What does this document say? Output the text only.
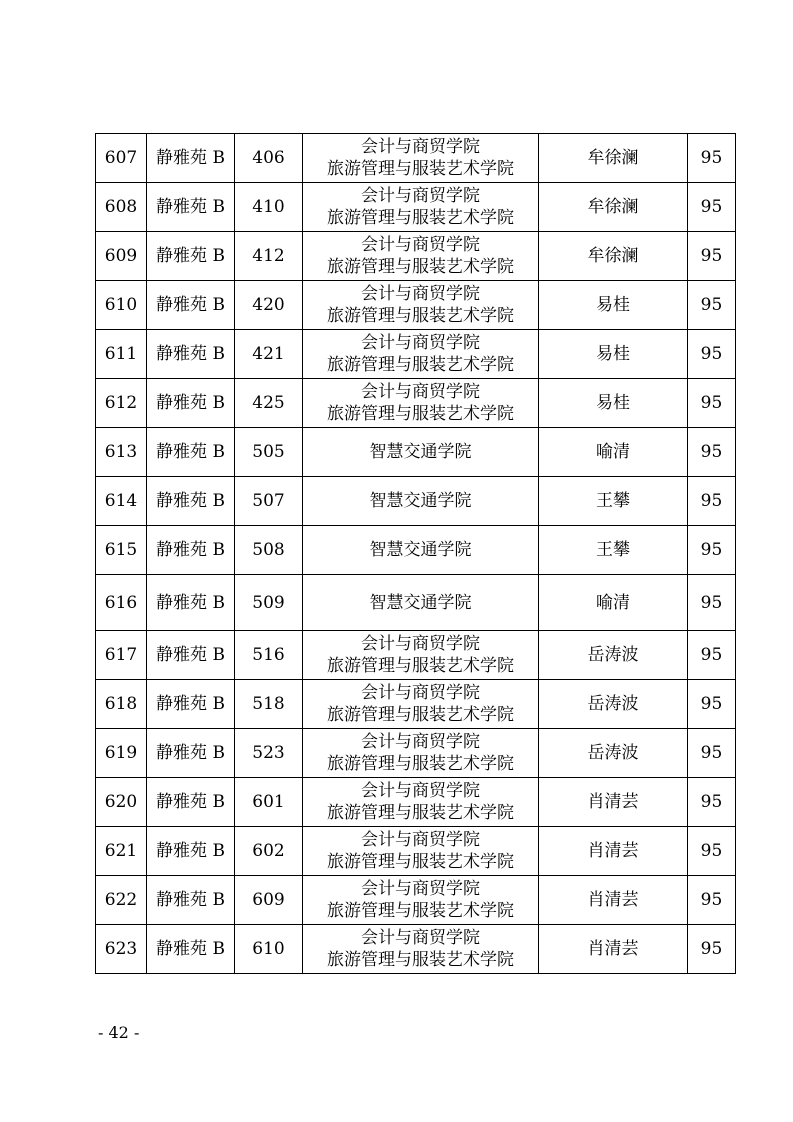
607	静雅苑 B	406	会计与商贸学院
旅游管理与服装艺术学院	牟徐澜	95
608	静雅苑 B	410	会计与商贸学院
旅游管理与服装艺术学院	牟徐澜	95
609	静雅苑 B	412	会计与商贸学院
旅游管理与服装艺术学院	牟徐澜	95
610	静雅苑 B	420	会计与商贸学院
旅游管理与服装艺术学院	易桂	95
611	静雅苑 B	421	会计与商贸学院
旅游管理与服装艺术学院	易桂	95
612	静雅苑 B	425	会计与商贸学院
旅游管理与服装艺术学院	易桂	95
613	静雅苑 B	505	智慧交通学院	喻清	95
614	静雅苑 B	507	智慧交通学院	王攀	95
615	静雅苑 B	508	智慧交通学院	王攀	95
616	静雅苑 B	509	智慧交通学院	喻清	95
617	静雅苑 B	516	会计与商贸学院
旅游管理与服装艺术学院	岳涛波	95
618	静雅苑 B	518	会计与商贸学院
旅游管理与服装艺术学院	岳涛波	95
619	静雅苑 B	523	会计与商贸学院
旅游管理与服装艺术学院	岳涛波	95
620	静雅苑 B	601	会计与商贸学院
旅游管理与服装艺术学院	肖清芸	95
621	静雅苑 B	602	会计与商贸学院
旅游管理与服装艺术学院	肖清芸	95
622	静雅苑 B	609	会计与商贸学院
旅游管理与服装艺术学院	肖清芸	95
623	静雅苑 B	610	会计与商贸学院
旅游管理与服装艺术学院	肖清芸	95
- 42 -
